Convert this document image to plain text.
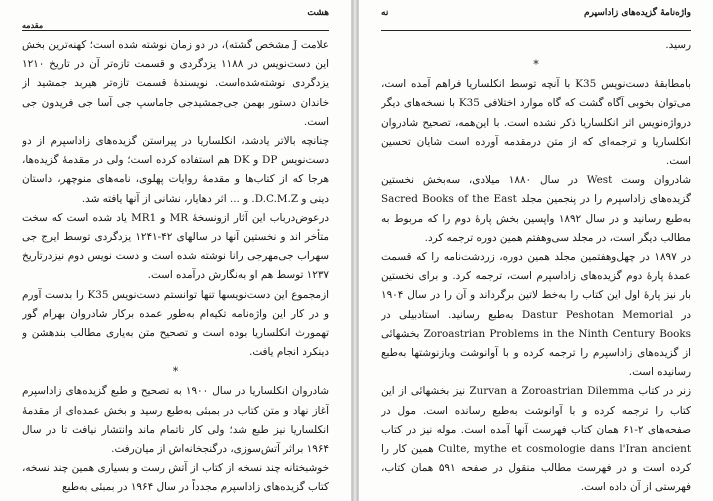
هشت
مقدمه

علامت J مشخص گشته)، در دو زمان نوشته شده است؛ کهنه‌ترین بخش این دست‌نویس در ۱۱۸۸ یزدگردی و قسمت تازه‌تر آن در تاریخ ۱۲۱۰ یزدگردی نوشته‌شده‌است. نویسندهٔ قسمت تازه‌تر هیربد جمشید از خاندان دستور بهمن جی‌جمشیدجی جاماسپ جی آسا جی فریدون جی است.

چنانچه بالاتر یادشد، انکلساریا در پیراستن گزیده‌های زاداسپرم از دو دست‌نویس DP و DK هم استفاده کرده است؛ ولی در مقدمهٔ گزیده‌ها، هرجا که از کتاب‌ها و مقدمهٔ روایات پهلوی، نامه‌های منوچهر، داستان دینی و D.C.M.Z. و ... اثر دهایار، نشانی از آنها یافته شد.

درعوض‌درباب این آثار ازونسخهٔ MR و MR1 یاد شده است که سخت متأخر اند و نخستین آنها در سالهای ۴۲-۱۲۴۱ یزدگردی توسط ایرج جی سهراب جی‌مهرجی رانا نوشته شده است و دست نویس دوم نیزدرتاریخ ۱۲۳۷ توسط هم او به‌نگارش درآمده است.

ازمجموع این دست‌نویسها تنها توانستم دست‌نویس K35 را بدست آورم و در کار این واژه‌نامه تکیه‌ام به‌طور عمده برکار شادروان بهرام گور تهمورث انکلساریا بوده است و تصحیح متن به‌یاری مطالب بندهشن و دینکرد انجام یافت.

*

شادروان انکلساریا در سال ۱۹۰۰ به تصحیح و طبع گزیده‌های زاداسپرم آغاز نهاد و متن کتاب در بمبئی به‌طبع رسید و بخش عمده‌ای از مقدمهٔ انکلساریا نیز طبع شد؛ ولی کار ناتمام ماند وانتشار نیافت تا در سال ۱۹۶۴ براثر آتش‌سوزی، درگنجخانه‌اش از میان‌رفت.

خوشبختانه چند نسخه از کتاب از آتش رست و بسیاری همین چند نسخه، کتاب گزیده‌های زاداسپرم مجدداً در سال ۱۹۶۴ در بمبئی به‌طبع

نه	واژه‌نامهٔ گزیده‌های زاداسپرم

رسید.

*

بامطابقهٔ دست‌نویس K35 با آنچه توسط انکلساریا فراهم آمده است، می‌توان بخوبی آگاه گشت که گاه موارد اختلافی K35 با نسخه‌های دیگر درواژه‌نویس اثر انکلساریا ذکر نشده است. با این‌همه، تصحیح شادروان انکلساریا و ترجمه‌ای که از متن درمقدمه آورده است شایان تحسین است.

شادروان وست West در سال ۱۸۸۰ میلادی، سه‌بخش نخستین گزیده‌های زاداسپرم را در پنجمین مجلد Sacred Books of the East به‌طبع رسانید و در سال ۱۸۹۲ واپسین بخش پارهٔ دوم را که مربوط به مطالب دیگر است، در مجلد سی‌وهفتم همین دوره ترجمه کرد.

در ۱۸۹۷ در چهل‌وهفتمین مجلد همین دوره، زردشت‌نامه را که قسمت عمدهٔ پارهٔ دوم گزیده‌های زاداسپرم است، ترجمه کرد. و برای نخستین بار نیز پارهٔ اول این کتاب را به‌خط لاتین برگرداند و آن را در سال ۱۹۰۴ در Dastur Peshotan Memorial به‌طبع رسانید. استادبیلی در Zoroastrian Problems in the Ninth Century Books بخشهائی از گزیده‌های زاداسپرم را ترجمه کرده و با آوانوشت وبازنوشتها به‌طبع رسانیده است.

زنر در کتاب Zurvan a Zoroastrian Dilemma نیز بخشهائی از این کتاب را ترجمه کرده و با آوانوشت به‌طبع رسانده است. مول در صفحه‌های ۲-۶۱ همان کتاب فهرست آنها آمده است. موله نیز در کتاب Culte, mythe et cosmologie dans l'Iran ancient همین کار را کرده است و در فهرست مطالب منقول در صفحه ۵۹۱ همان کتاب، فهرستی از آن داده است.
